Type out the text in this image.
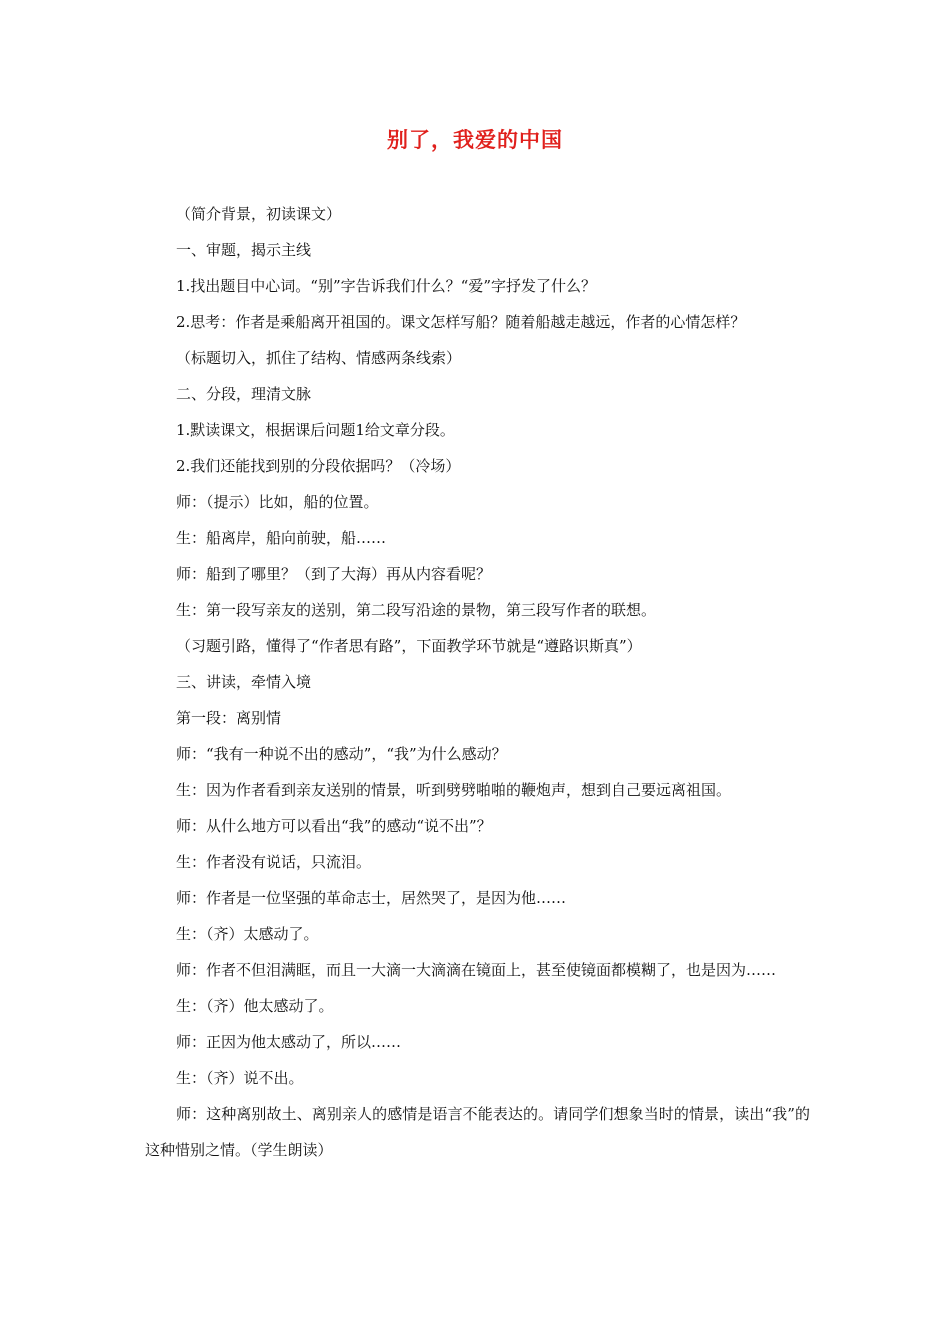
别了，我爱的中国
（简介背景，初读课文）
一、审题，揭示主线
1.找出题目中心词。“别”字告诉我们什么？“爱”字抒发了什么？
2.思考：作者是乘船离开祖国的。课文怎样写船？随着船越走越远，作者的心情怎样？
（标题切入，抓住了结构、情感两条线索）
二、分段，理清文脉
1.默读课文，根据课后问题1给文章分段。
2.我们还能找到别的分段依据吗？（冷场）
师：（提示）比如，船的位置。
生：船离岸，船向前驶，船……
师：船到了哪里？（到了大海）再从内容看呢？
生：第一段写亲友的送别，第二段写沿途的景物，第三段写作者的联想。
（习题引路，懂得了“作者思有路”，下面教学环节就是“遵路识斯真”）
三、讲读，牵情入境
第一段：离别情
师：“我有一种说不出的感动”，“我”为什么感动？
生：因为作者看到亲友送别的情景，听到劈劈啪啪的鞭炮声，想到自己要远离祖国。
师：从什么地方可以看出“我”的感动“说不出”？
生：作者没有说话，只流泪。
师：作者是一位坚强的革命志士，居然哭了，是因为他……
生：（齐）太感动了。
师：作者不但泪满眶，而且一大滴一大滴滴在镜面上，甚至使镜面都模糊了，也是因为……
生：（齐）他太感动了。
师：正因为他太感动了，所以……
生：（齐）说不出。
师：这种离别故土、离别亲人的感情是语言不能表达的。请同学们想象当时的情景，读出“我”的这种惜别之情。（学生朗读）
